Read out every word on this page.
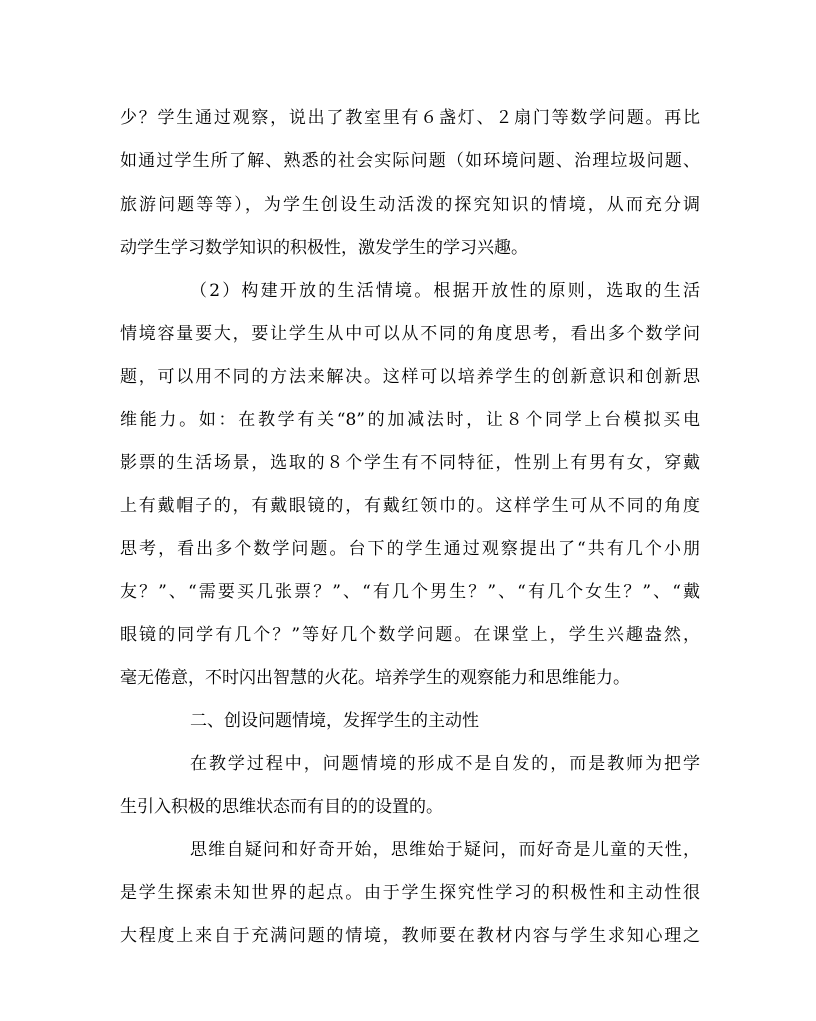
少？学生通过观察，说出了教室里有６盏灯、２扇门等数学问题。再比
如通过学生所了解、熟悉的社会实际问题（如环境问题、治理垃圾问题、
旅游问题等等），为学生创设生动活泼的探究知识的情境，从而充分调
动学生学习数学知识的积极性，激发学生的学习兴趣。
（2）构建开放的生活情境。根据开放性的原则，选取的生活
情境容量要大，要让学生从中可以从不同的角度思考，看出多个数学问
题，可以用不同的方法来解决。这样可以培养学生的创新意识和创新思
维能力。如：在教学有关“8”的加减法时，让８个同学上台模拟买电
影票的生活场景，选取的８个学生有不同特征，性别上有男有女，穿戴
上有戴帽子的，有戴眼镜的，有戴红领巾的。这样学生可从不同的角度
思考，看出多个数学问题。台下的学生通过观察提出了“共有几个小朋
友？”、“需要买几张票？”、“有几个男生？”、“有几个女生？”、“戴
眼镜的同学有几个？”等好几个数学问题。在课堂上，学生兴趣盎然，
毫无倦意，不时闪出智慧的火花。培养学生的观察能力和思维能力。
二、创设问题情境，发挥学生的主动性
在教学过程中，问题情境的形成不是自发的，而是教师为把学
生引入积极的思维状态而有目的的设置的。
思维自疑问和好奇开始，思维始于疑问，而好奇是儿童的天性，
是学生探索未知世界的起点。由于学生探究性学习的积极性和主动性很
大程度上来自于充满问题的情境，教师要在教材内容与学生求知心理之
